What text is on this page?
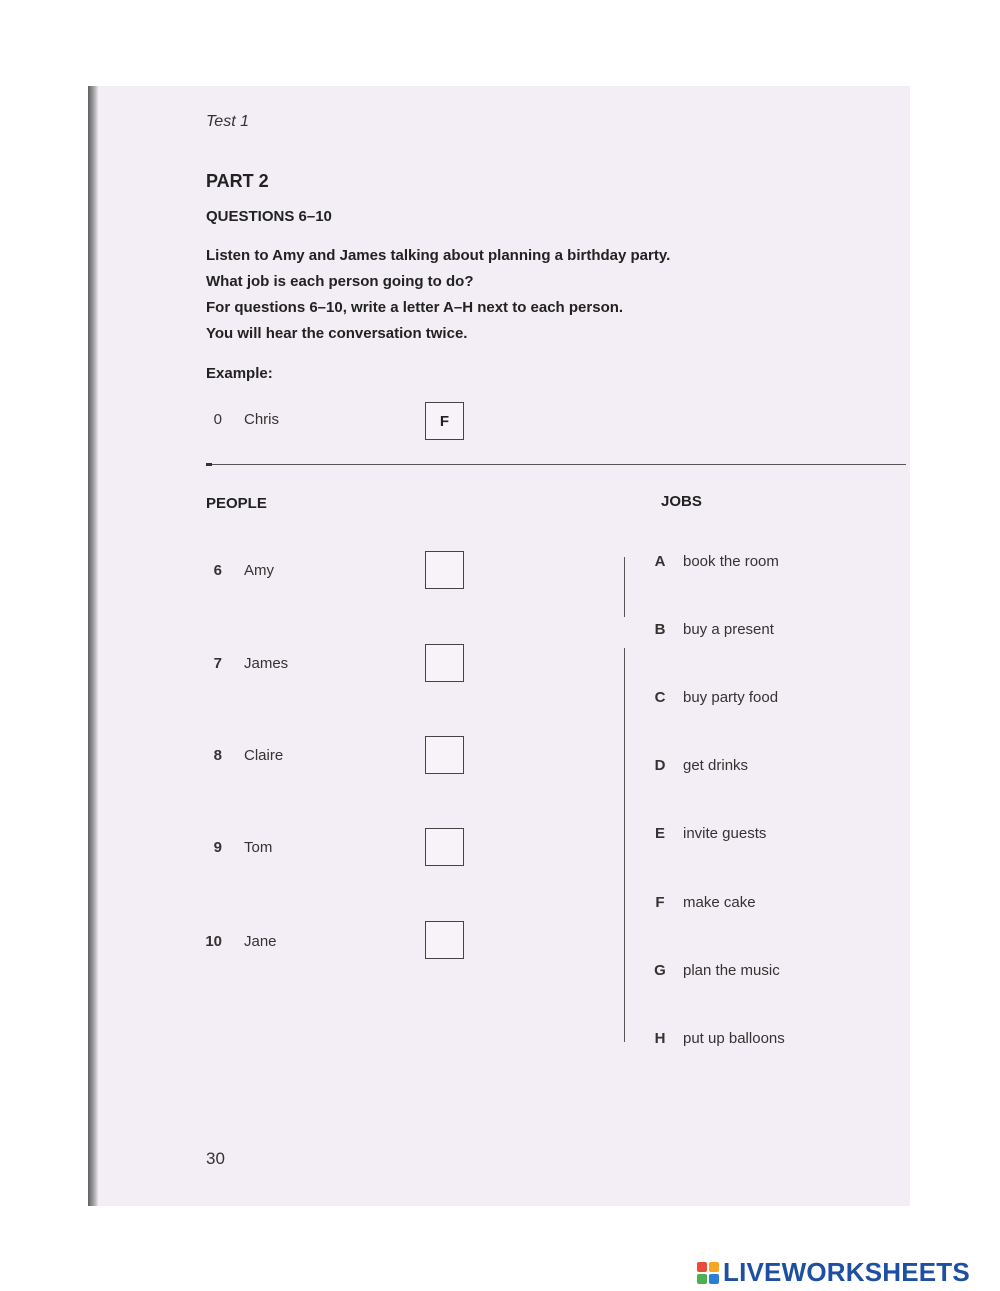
Test 1
PART 2
QUESTIONS 6–10

Listen to Amy and James talking about planning a birthday party.

What job is each person going to do?

For questions 6–10, write a letter A–H next to each person.

You will hear the conversation twice.

Example:
0 Chris	F
PEOPLE	JOBS
6 Amy
7 James
8 Claire
9 Tom
10 Jane
A book the room
B buy a present
C buy party food
D get drinks
E invite guests
F make cake
G plan the music
H put up balloons
30
LIVEWORKSHEETS
